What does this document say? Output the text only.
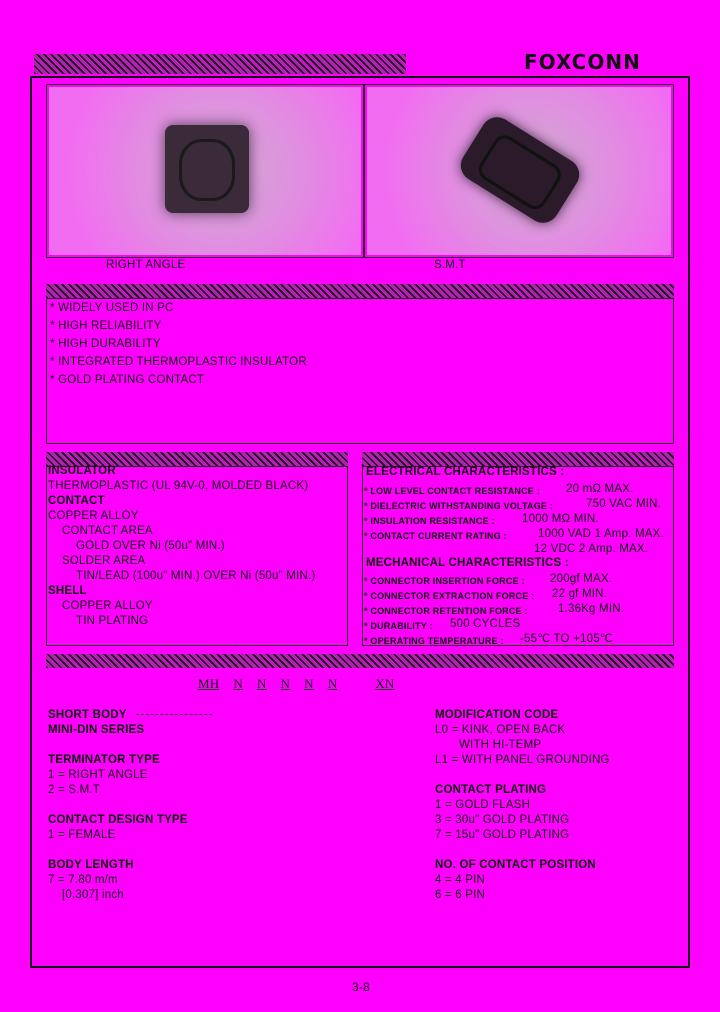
FOXCONN
RIGHT ANGLE	S.M.T
* WIDELY USED IN PC
* HIGH RELIABILITY
* HIGH DURABILITY
* INTEGRATED THERMOPLASTIC INSULATOR
* GOLD PLATING CONTACT
INSULATOR
THERMOPLASTIC (UL 94V-0, MOLDED BLACK)
CONTACT
COPPER ALLOY
CONTACT AREA
GOLD OVER Ni (50u" MIN.)
SOLDER AREA
TIN/LEAD (100u" MIN.) OVER Ni (50u" MIN.)
SHELL
COPPER ALLOY
TIN PLATING
ELECTRICAL CHARACTERISTICS :
* LOW LEVEL CONTACT RESISTANCE : 20 mΩ MAX.
* DIELECTRIC WITHSTANDING VOLTAGE :	750 VAC MIN.
* INSULATION RESISTANCE : 1000 MΩ MIN.
* CONTACT CURRENT RATING :	1000 VAD 1 Amp. MAX.
12 VDC 2 Amp. MAX.
MECHANICAL CHARACTERISTICS :
* CONNECTOR INSERTION FORCE : 200gf MAX.
* CONNECTOR EXTRACTION FORCE : 22 gf MIN.
* CONNECTOR RETENTION FORCE :	1.36Kg MIN.
* DURABILITY : 500 CYCLES
* OPERATING TEMPERATURE : -55℃ TO +105℃
MH N N N N N	XN
SHORT BODY
MINI-DIN SERIES
TERMINATOR TYPE
1 = RIGHT ANGLE
2 = S.M.T
CONTACT DESIGN TYPE
1 = FEMALE
BODY LENGTH
7 = 7.80 m/m
[0.307] inch
MODIFICATION CODE
L0 = KINK, OPEN BACK
WITH HI-TEMP
L1 = WITH PANEL GROUNDING
CONTACT PLATING
1 = GOLD FLASH
3 = 30u" GOLD PLATING
7 = 15u" GOLD PLATING
NO. OF CONTACT POSITION
4 = 4 PIN
6 = 6 PIN
3-8
